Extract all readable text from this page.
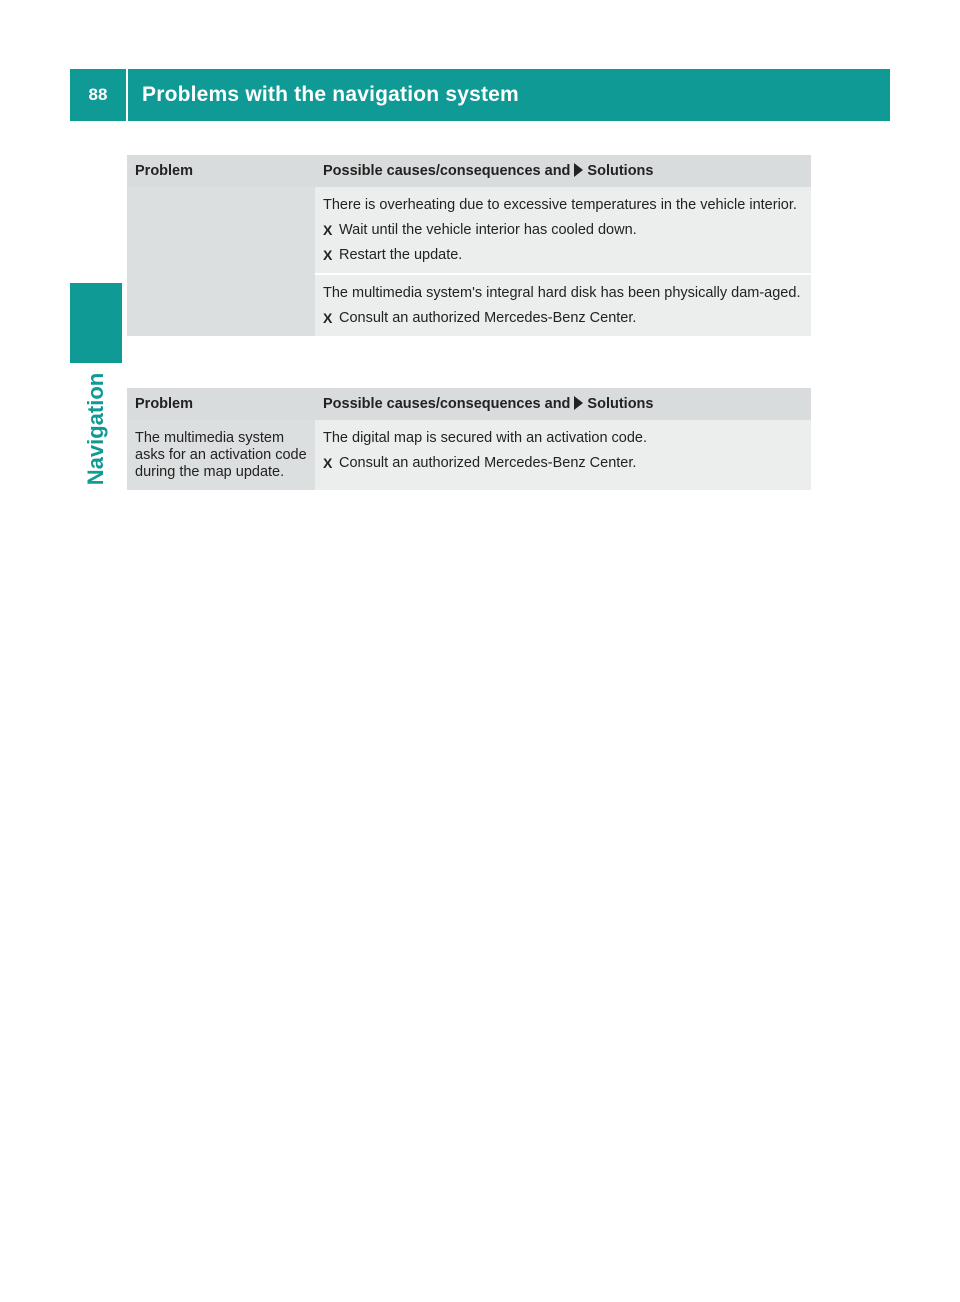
88	Problems with the navigation system
Navigation
Problem	Possible causes/consequences and Solutions

	There is overheating due to excessive temperatures in the vehicle interior.

X Wait until the vehicle interior has cooled down.
X Restart the update.

	The multimedia system's integral hard disk has been physically dam-aged.

X Consult an authorized Mercedes-Benz Center.
Problem	Possible causes/consequences and Solutions
The multimedia system asks for an activation code during the map update.	The digital map is secured with an activation code.

X Consult an authorized Mercedes-Benz Center.
